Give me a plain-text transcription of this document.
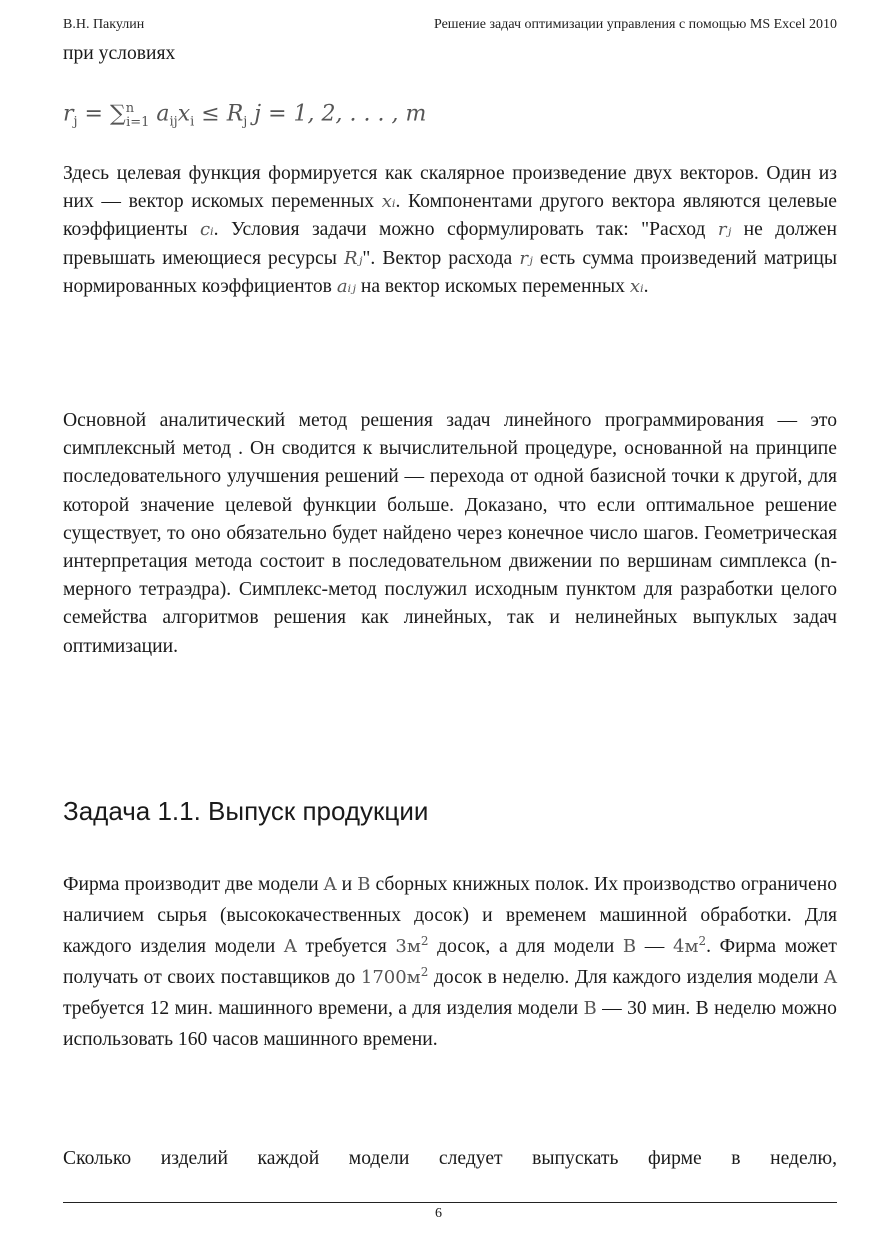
В.Н. Пакулин	Решение задач оптимизации управления с помощью MS Excel 2010
при условиях
$r_j = \sum^n_{i=1}$ $a_{ij}x_i \le R_j$ j = 1, 2, . . . , m

Здесь целевая функция формируется как скалярное произведение двух векторов. Один из них — вектор искомых переменных xᵢ. Компонентами другого вектора являются целевые коэффициенты cᵢ. Условия задачи можно сформулировать так: "Расход rⱼ не должен превышать имеющиеся ресурсы Rⱼ". Вектор расхода rⱼ есть сумма произведений матрицы нормированных коэффициентов aᵢⱼ на вектор искомых переменных xᵢ.

Основной аналитический метод решения задач линейного программирования — это симплексный метод . Он сводится к вычислительной процедуре, основанной на принципе последовательного улучшения решений — перехода от одной базисной точки к другой, для которой значение целевой функции больше. Доказано, что если оптимальное решение существует, то оно обязательно будет найдено через конечное число шагов. Геометрическая интерпретация метода состоит в последовательном движении по вершинам симплекса (n-мерного тетраэдра). Симплекс-метод послужил исходным пунктом для разработки целого семейства алгоритмов решения как линейных, так и нелинейных выпуклых задач оптимизации.

Задача 1.1. Выпуск продукции

Фирма производит две модели A и B сборных книжных полок. Их производство ограничено наличием сырья (высококачественных досок) и временем машинной обработки. Для каждого изделия модели A требуется $3м^2$ досок, а для модели B — $4м^2$. Фирма может получать от своих поставщиков до $1700м^2$ досок в неделю. Для каждого изделия модели A требуется 12 мин. машинного времени, а для изделия модели B — 30 мин. В неделю можно использовать 160 часов машинного времени.

Сколько изделий каждой модели следует выпускать фирме в неделю,

6
